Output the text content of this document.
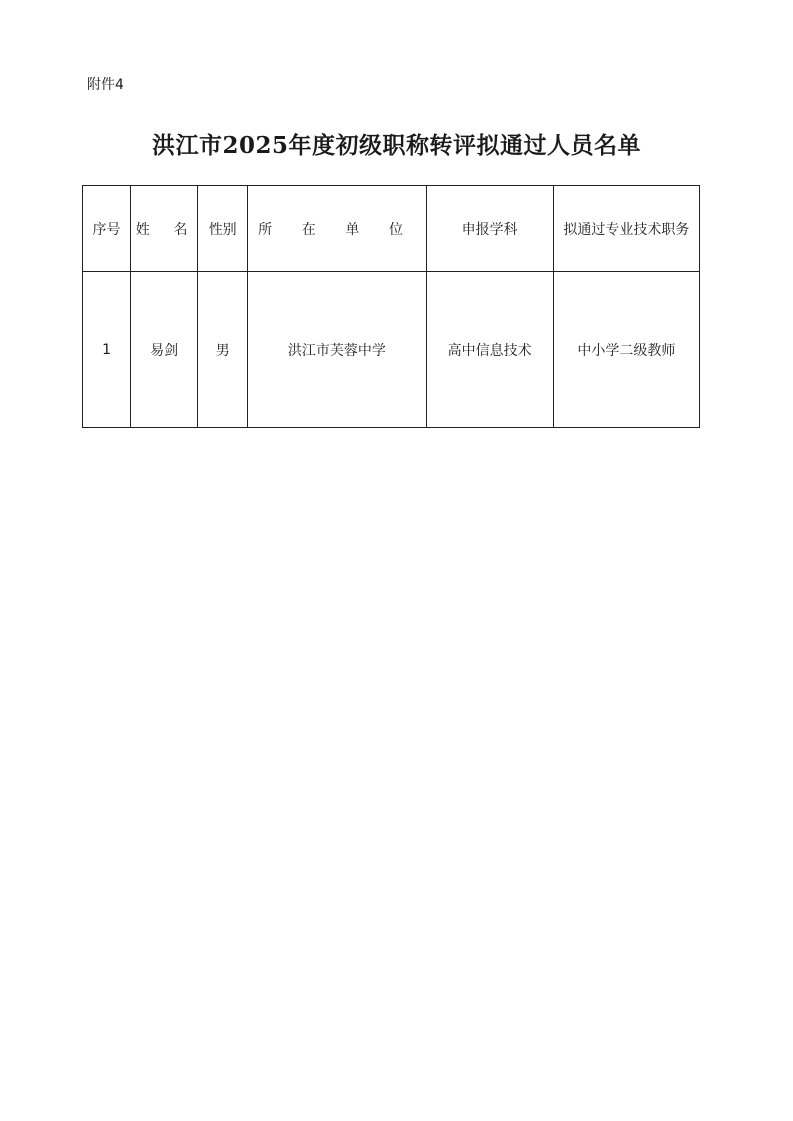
附件4
洪江市2025年度初级职称转评拟通过人员名单
序号	姓　名	性别	所 在 单 位	申报学科	拟通过专业技术职务
1	易剑	男	洪江市芙蓉中学	高中信息技术	中小学二级教师
